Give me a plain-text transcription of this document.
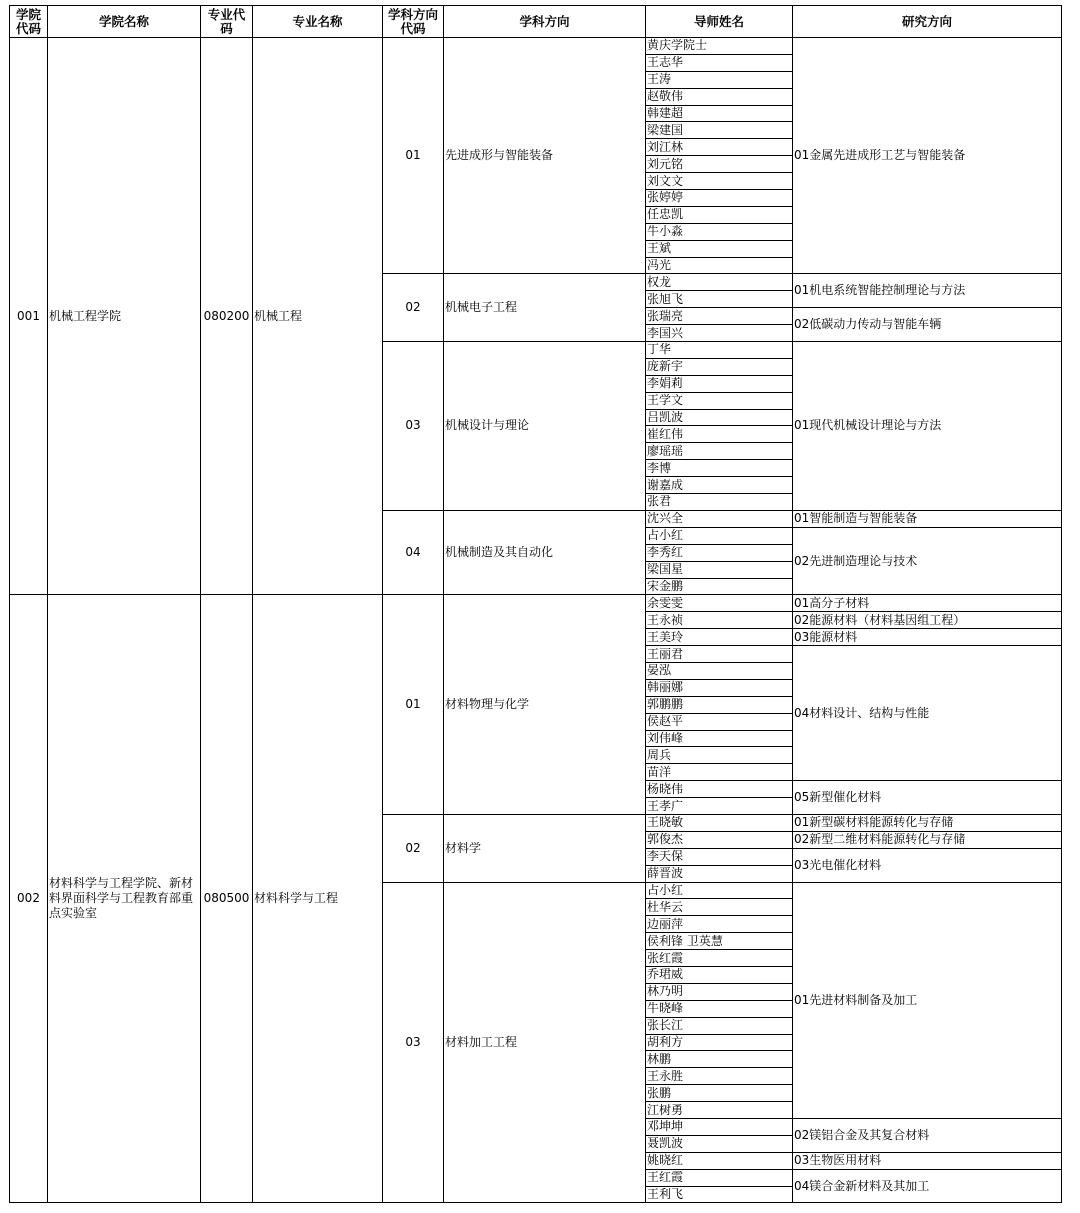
学院代码	学院名称	专业代码	专业名称	学科方向代码	学科方向	导师姓名	研究方向
001	机械工程学院	080200	机械工程	01	先进成形与智能装备	黄庆学院士	01金属先进成形工艺与智能装备
						王志华	
						王涛	
						赵敬伟	
						韩建超	
						梁建国	
						刘江林	
						刘元铭	
						刘文文	
						张婷婷	
						任忠凯	
						牛小淼	
						王斌	
						冯光	
				02	机械电子工程	权龙	01机电系统智能控制理论与方法
						张旭飞	
						张瑞亮	02低碳动力传动与智能车辆
						李国兴	
				03	机械设计与理论	丁华	01现代机械设计理论与方法
						庞新宇	
						李娟莉	
						王学文	
						吕凯波	
						崔红伟	
						廖瑶瑶	
						李博	
						谢嘉成	
						张君	
				04	机械制造及其自动化	沈兴全	01智能制造与智能装备
						占小红	02先进制造理论与技术
						李秀红	
						梁国星	
						宋金鹏	
002	材料科学与工程学院、新材料界面科学与工程教育部重点实验室	080500	材料科学与工程	01	材料物理与化学	余雯雯	01高分子材料
						王永祯	02能源材料（材料基因组工程）
						王美玲	03能源材料
						王丽君	04材料设计、结构与性能
						晏泓	
						韩丽娜	
						郭鹏鹏	
						侯赵平	
						刘伟峰	
						周兵	
						苗洋	
						杨晓伟	05新型催化材料
						王孝广	
				02	材料学	王晓敏	01新型碳材料能源转化与存储
						郭俊杰	02新型二维材料能源转化与存储
						李天保	03光电催化材料
						薛晋波	
				03	材料加工工程	占小红	01先进材料制备及加工
						杜华云	
						边丽萍	
						侯利锋 卫英慧	
						张红霞	
						乔珺威	
						林乃明	
						牛晓峰	
						张长江	
						胡利方	
						林鹏	
						王永胜	
						张鹏	
						江树勇	
						邓坤坤	02镁铝合金及其复合材料
						聂凯波	
						姚晓红	03生物医用材料
						王红霞	04镁合金新材料及其加工
						王利飞	
